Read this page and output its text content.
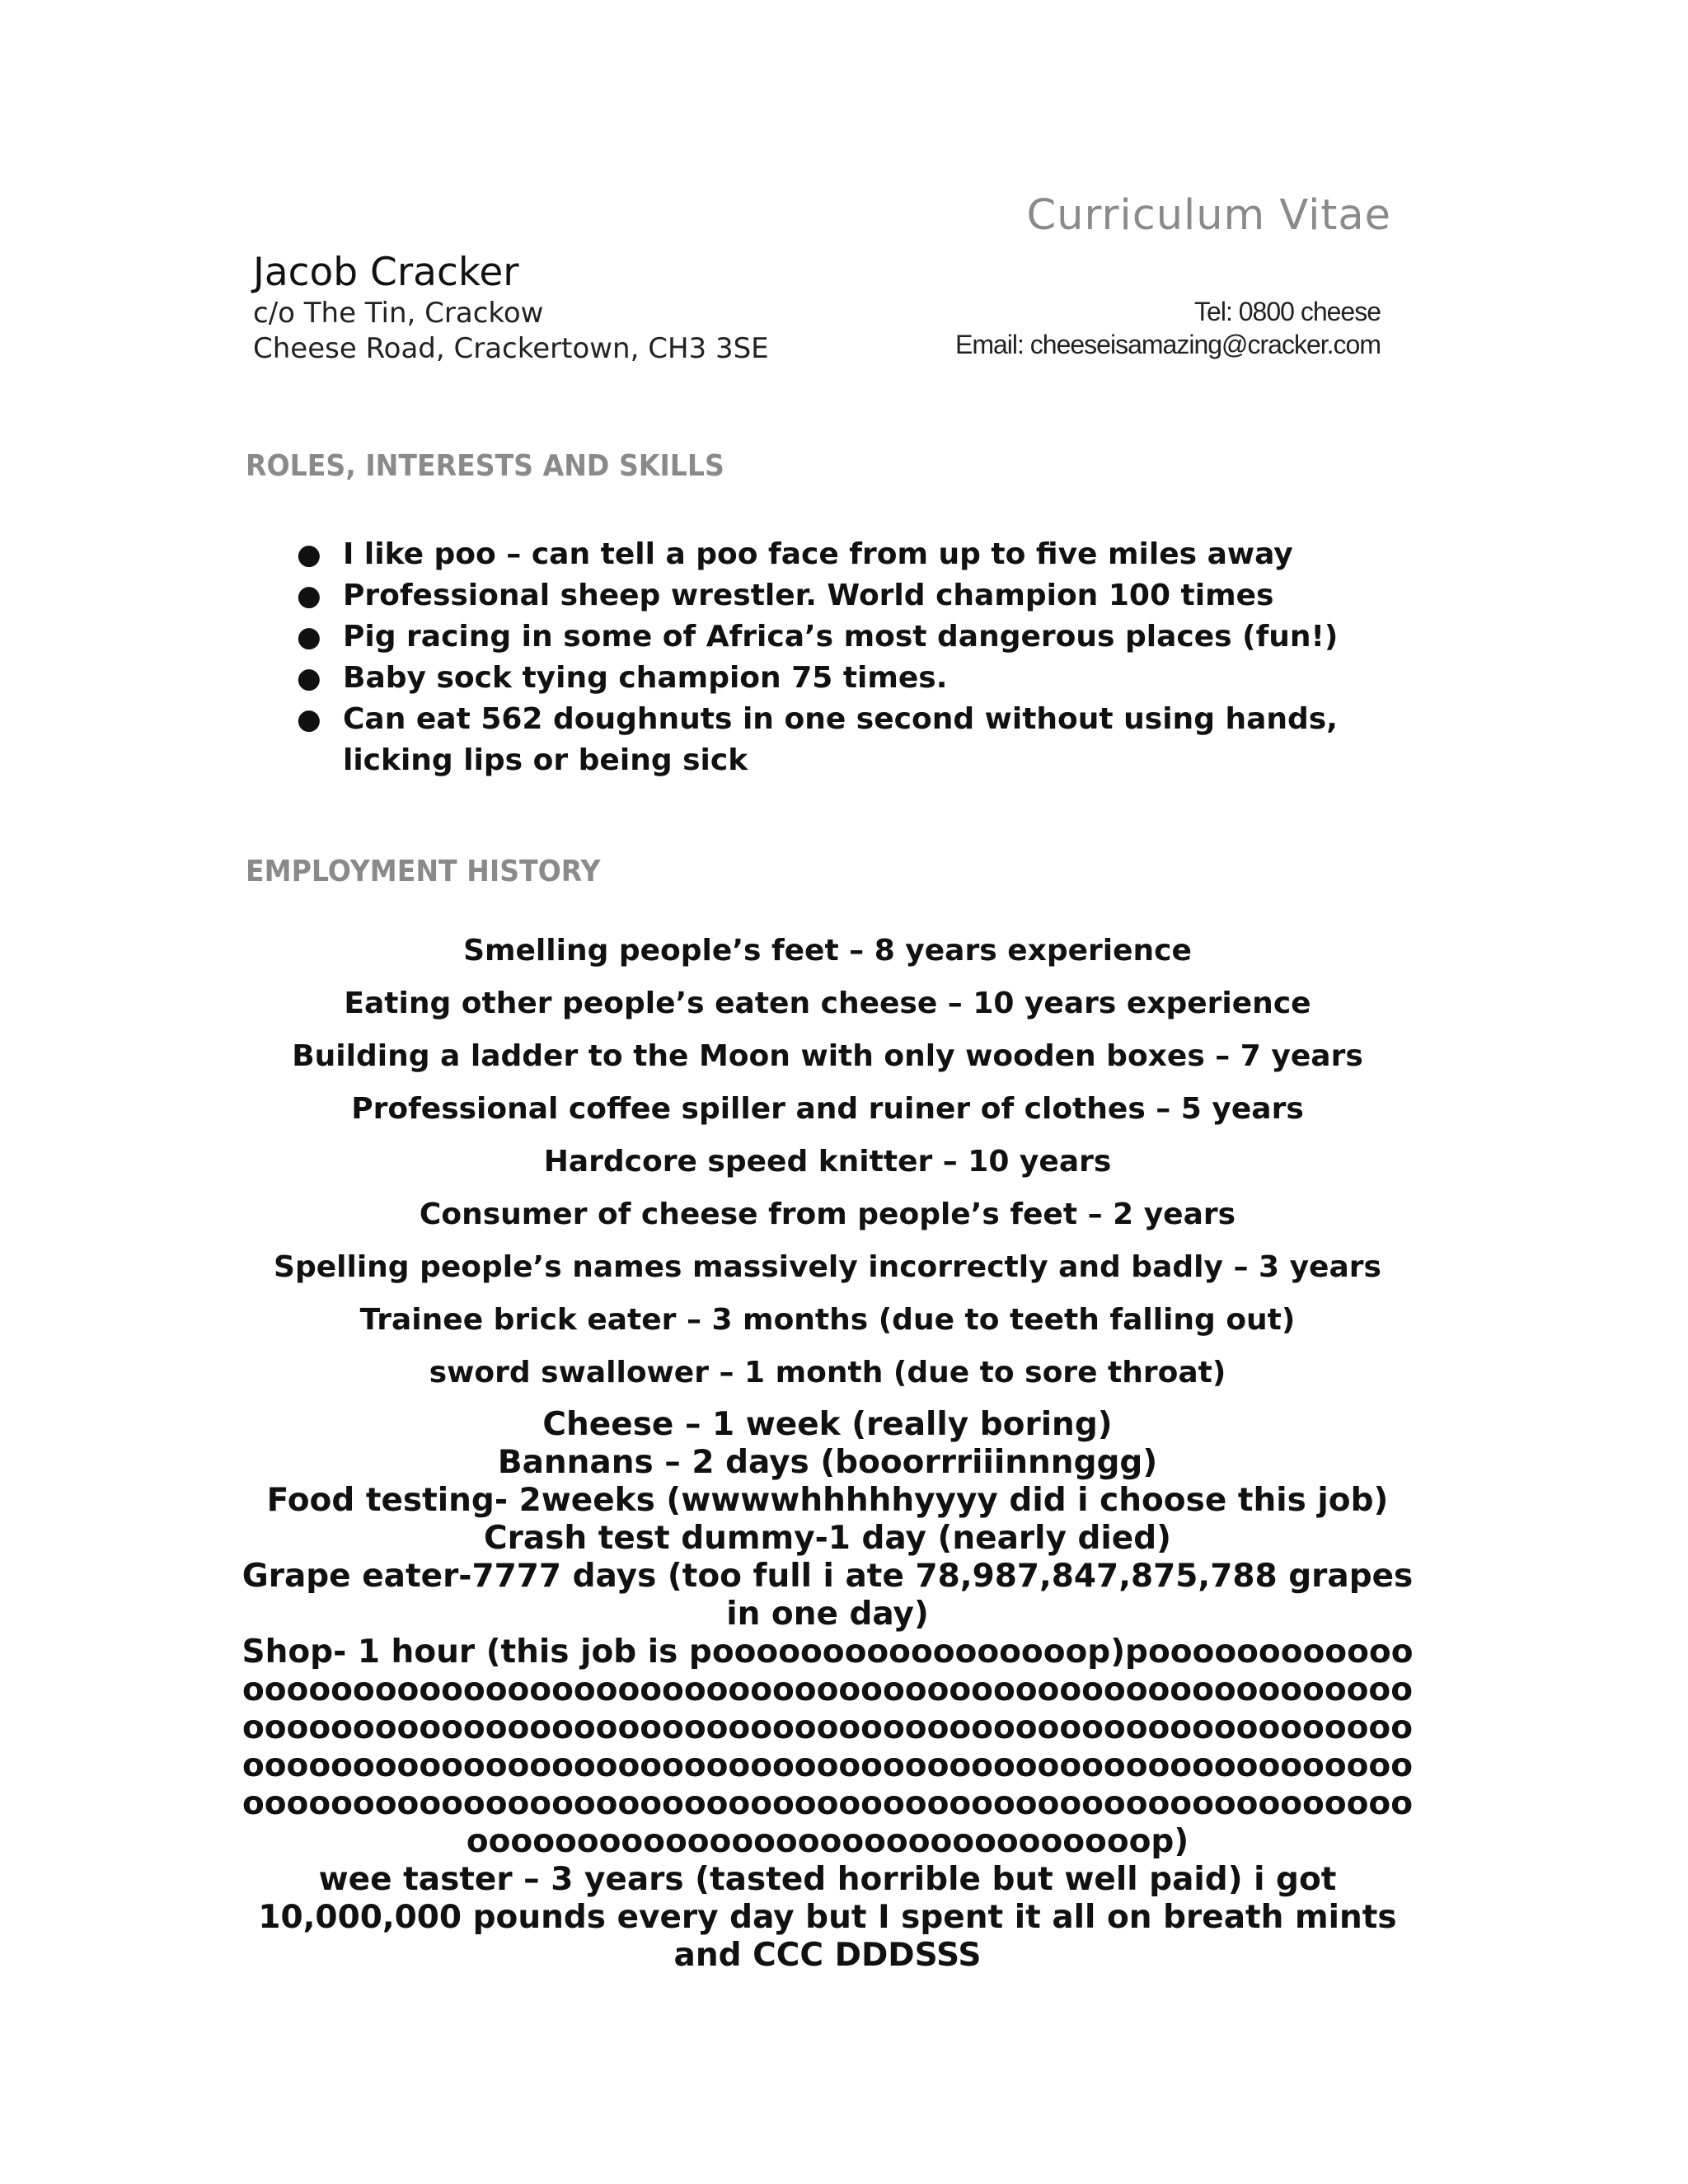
Curriculum Vitae
Jacob Cracker
c/o The Tin, Crackow
Cheese Road, Crackertown, CH3 3SE
Tel: 0800 cheese
Email: cheeseisamazing@cracker.com
ROLES, INTERESTS AND SKILLS
● I like poo – can tell a poo face from up to five miles away
● Professional sheep wrestler. World champion 100 times
● Pig racing in some of Africa’s most dangerous places (fun!)
● Baby sock tying champion 75 times.
● Can eat 562 doughnuts in one second without using hands, licking lips or being sick
EMPLOYMENT HISTORY
Smelling people’s feet – 8 years experience
Eating other people’s eaten cheese – 10 years experience
Building a ladder to the Moon with only wooden boxes – 7 years
Professional coffee spiller and ruiner of clothes – 5 years
Hardcore speed knitter – 10 years
Consumer of cheese from people’s feet – 2 years
Spelling people’s names massively incorrectly and badly – 3 years
Trainee brick eater – 3 months (due to teeth falling out)
sword swallower – 1 month (due to sore throat)
Cheese – 1 week (really boring)
Bannans – 2 days (booorrriiinnnggg)
Food testing- 2weeks (wwwwhhhhhyyyy did i choose this job)
Crash test dummy-1 day (nearly died)
Grape eater-7777 days (too full i ate 78,987,847,875,788 grapes in one day)
Shop- 1 hour (this job is pooooooooooooooooop)pooooooooooooooooooooooooooooooooooooooooooooooooooooooooooooooooooooooooooooooooooooooooooooooooooooooooooooooooooooooooooooooooooooooooooooooooooooooooooooooooooooooooooooooooooooooooooooooooooooooooooooooooooooooooooooooooooooooooooooooooooooooooooooooop)
wee taster – 3 years (tasted horrible but well paid) i got 10,000,000 pounds every day but I spent it all on breath mints and CCC DDDSSS
